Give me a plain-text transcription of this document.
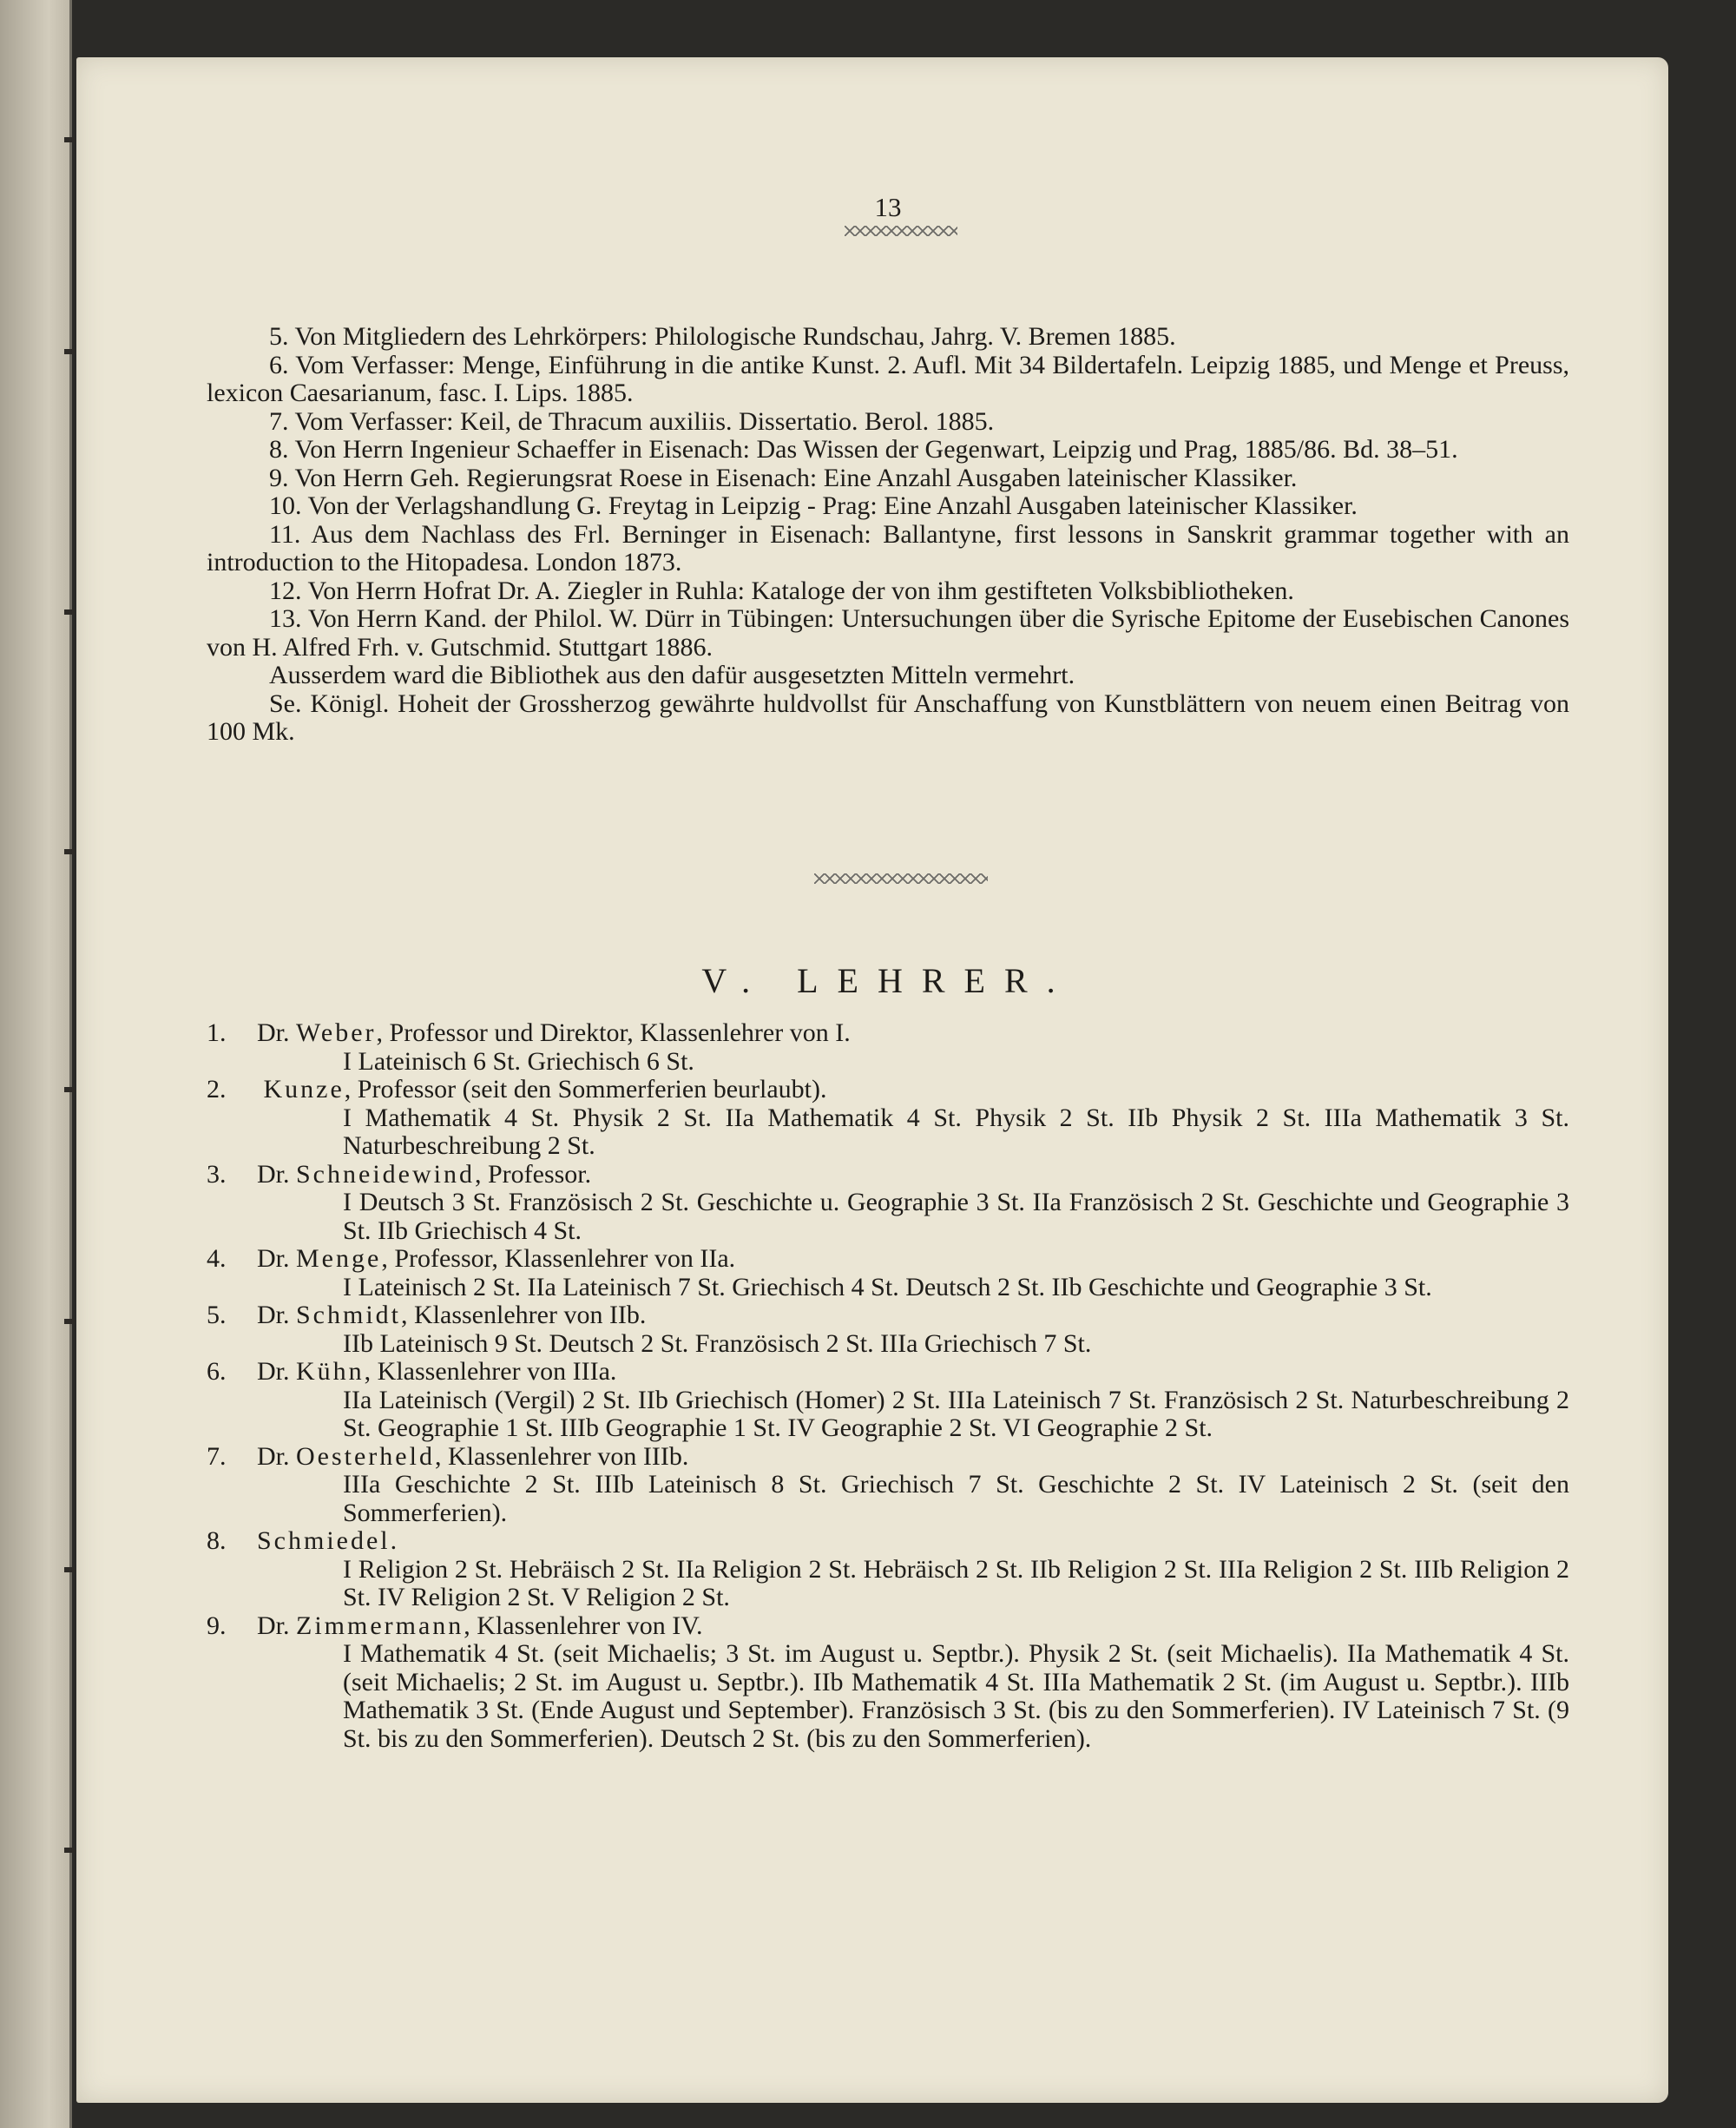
13

5. Von Mitgliedern des Lehrkörpers: Philologische Rundschau, Jahrg. V. Bremen 1885.

6. Vom Verfasser: Menge, Einführung in die antike Kunst. 2. Aufl. Mit 34 Bildertafeln. Leipzig 1885, und Menge et Preuss, lexicon Caesarianum, fasc. I. Lips. 1885.

7. Vom Verfasser: Keil, de Thracum auxiliis. Dissertatio. Berol. 1885.

8. Von Herrn Ingenieur Schaeffer in Eisenach: Das Wissen der Gegenwart, Leipzig und Prag, 1885/86. Bd. 38–51.

9. Von Herrn Geh. Regierungsrat Roese in Eisenach: Eine Anzahl Ausgaben lateinischer Klassiker.

10. Von der Verlagshandlung G. Freytag in Leipzig - Prag: Eine Anzahl Ausgaben lateinischer Klassiker.

11. Aus dem Nachlass des Frl. Berninger in Eisenach: Ballantyne, first lessons in Sanskrit grammar together with an introduction to the Hitopadesa. London 1873.

12. Von Herrn Hofrat Dr. A. Ziegler in Ruhla: Kataloge der von ihm gestifteten Volksbibliotheken.

13. Von Herrn Kand. der Philol. W. Dürr in Tübingen: Untersuchungen über die Syrische Epitome der Eusebischen Canones von H. Alfred Frh. v. Gutschmid. Stuttgart 1886.

Ausserdem ward die Bibliothek aus den dafür ausgesetzten Mitteln vermehrt.

Se. Königl. Hoheit der Grossherzog gewährte huldvollst für Anschaffung von Kunstblättern von neuem einen Beitrag von 100 Mk.

V. LEHRER.
1.	Dr.
Weber , Professor und Direktor, Klassenlehrer von I.

I Lateinisch 6 St. Griechisch 6 St.

2.
	Kunze , Professor (seit den Sommerferien beurlaubt).

I Mathematik 4 St. Physik 2 St. IIa Mathematik 4 St. Physik 2 St. IIb Physik 2 St. IIIa Mathematik 3 St. Naturbeschreibung 2 St.

3.	Dr.
Schneidewind , Professor.

I Deutsch 3 St. Französisch 2 St. Geschichte u. Geographie 3 St. IIa Französisch 2 St. Geschichte und Geographie 3 St. IIb Griechisch 4 St.

4.	Dr.
Menge , Professor, Klassenlehrer von IIa.

I Lateinisch 2 St. IIa Lateinisch 7 St. Griechisch 4 St. Deutsch 2 St. IIb Geschichte und Geographie 3 St.

5.	Dr.
Schmidt , Klassenlehrer von IIb.

IIb Lateinisch 9 St. Deutsch 2 St. Französisch 2 St. IIIa Griechisch 7 St.

6.	Dr.
Kühn , Klassenlehrer von IIIa.

IIa Lateinisch (Vergil) 2 St. IIb Griechisch (Homer) 2 St. IIIa Lateinisch 7 St. Französisch 2 St. Naturbeschreibung 2 St. Geographie 1 St. IIIb Geographie 1 St. IV Geographie 2 St. VI Geographie 2 St.

7.	Dr.
Oesterheld , Klassenlehrer von IIIb.

IIIa Geschichte 2 St. IIIb Lateinisch 8 St. Griechisch 7 St. Geschichte 2 St. IV Lateinisch 2 St. (seit den Sommerferien).

8.	Schmiedel .

I Religion 2 St. Hebräisch 2 St. IIa Religion 2 St. Hebräisch 2 St. IIb Religion 2 St. IIIa Religion 2 St. IIIb Religion 2 St. IV Religion 2 St. V Religion 2 St.

9.	Dr.
Zimmermann , Klassenlehrer von IV.

I Mathematik 4 St. (seit Michaelis; 3 St. im August u. Septbr.). Physik 2 St. (seit Michaelis). IIa Mathematik 4 St. (seit Michaelis; 2 St. im August u. Septbr.). IIb Mathematik 4 St. IIIa Mathematik 2 St. (im August u. Septbr.). IIIb Mathematik 3 St. (Ende August und September). Französisch 3 St. (bis zu den Sommerferien). IV Lateinisch 7 St. (9 St. bis zu den Sommerferien). Deutsch 2 St. (bis zu den Sommerferien).
